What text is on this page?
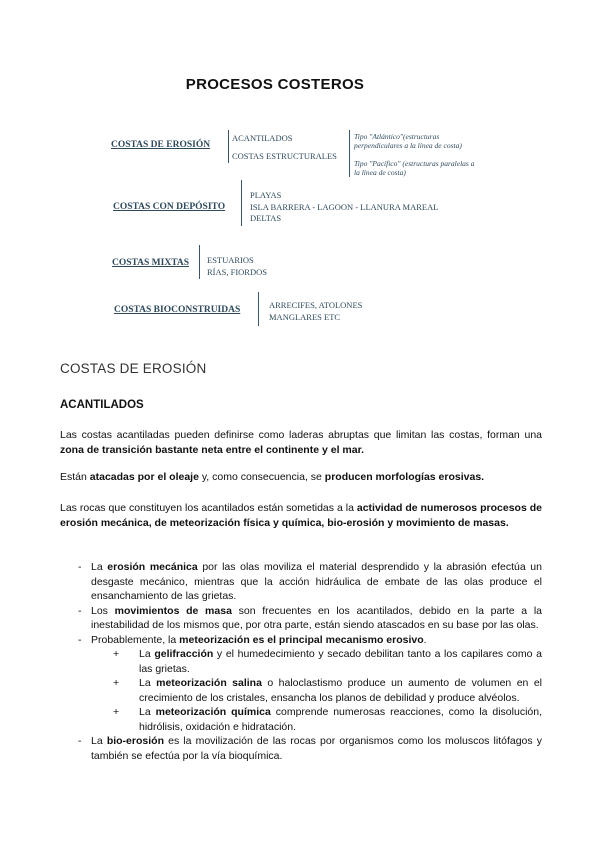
PROCESOS COSTEROS
COSTAS DE EROSIÓN
ACANTILADOS
COSTAS ESTRUCTURALES
Tipo "Atlántico"(estructuras
perpendiculares a la línea de costa)
Tipo "Pacífico" (estructuras paralelas a
la línea de costa)
COSTAS CON DEPÓSITO
PLAYAS
ISLA BARRERA - LAGOON - LLANURA MAREAL
DELTAS
COSTAS MIXTAS ESTUARIOS
RÍAS, FIORDOS
COSTAS BIOCONSTRUIDAS	ARRECIFES, ATOLONES
MANGLARES ETC
COSTAS DE EROSIÓN
ACANTILADOS
Las costas acantiladas pueden definirse como laderas abruptas que limitan las costas, forman una zona de transición bastante neta entre el continente y el mar.
Están atacadas por el oleaje y, como consecuencia, se producen morfologías erosivas.
Las rocas que constituyen los acantilados están sometidas a la actividad de numerosos procesos de erosión mecánica, de meteorización física y química, bio-erosión y movimiento de masas.
- La erosión mecánica por las olas moviliza el material desprendido y la abrasión efectúa un desgaste mecánico, mientras que la acción hidráulica de embate de las olas produce el ensanchamiento de las grietas.
- Los movimientos de masa son frecuentes en los acantilados, debido en la parte a la inestabilidad de los mismos que, por otra parte, están siendo atascados en su base por las olas.
- Probablemente, la meteorización es el principal mecanismo erosivo.
+ La gelifracción y el humedecimiento y secado debilitan tanto a los capilares como a las grietas.
+ La meteorización salina o haloclastismo produce un aumento de volumen en el crecimiento de los cristales, ensancha los planos de debilidad y produce alvéolos.
+ La meteorización química comprende numerosas reacciones, como la disolución, hidrólisis, oxidación e hidratación.
- La bio-erosión es la movilización de las rocas por organismos como los moluscos litófagos y también se efectúa por la vía bioquímica.
